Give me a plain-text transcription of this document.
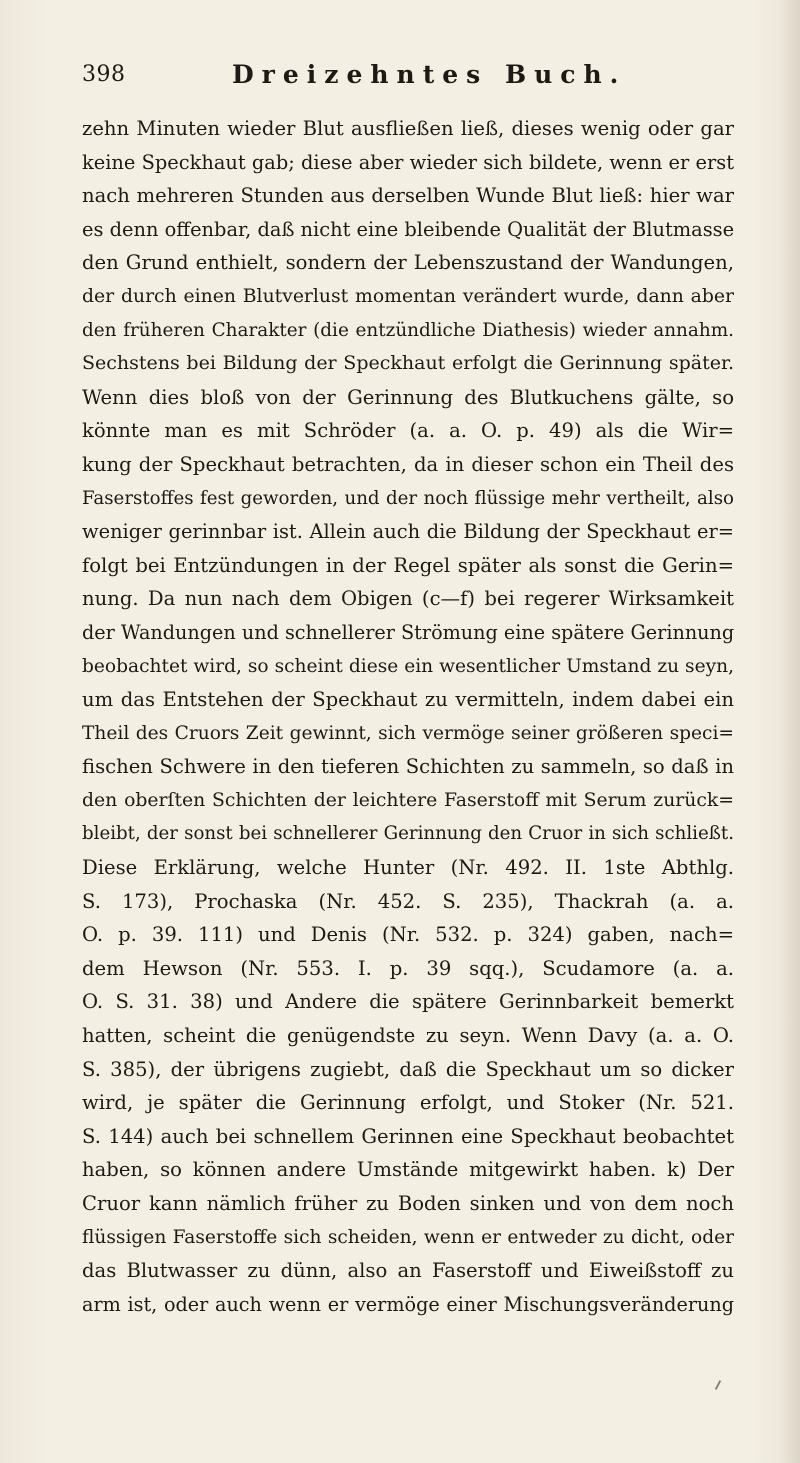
398	Dreizehntes Buch.
zehn Minuten wieder Blut ausfließen ließ, dieses wenig oder gar
keine Speckhaut gab; diese aber wieder sich bildete, wenn er erst
nach mehreren Stunden aus derselben Wunde Blut ließ: hier war
es denn offenbar, daß nicht eine bleibende Qualität der Blutmasse
den Grund enthielt, sondern der Lebenszustand der Wandungen,
der durch einen Blutverlust momentan verändert wurde, dann aber
den früheren Charakter (die entzündliche Diathesis) wieder annahm.
Sechstens bei Bildung der Speckhaut erfolgt die Gerinnung später.
Wenn dies bloß von der Gerinnung des Blutkuchens gälte, so
könnte man es mit Schröder (a. a. O. p. 49) als die Wir=
kung der Speckhaut betrachten, da in dieser schon ein Theil des
Faserstoffes fest geworden, und der noch flüssige mehr vertheilt, also
weniger gerinnbar ist. Allein auch die Bildung der Speckhaut er=
folgt bei Entzündungen in der Regel später als sonst die Gerin=
nung. Da nun nach dem Obigen (c—f) bei regerer Wirksamkeit
der Wandungen und schnellerer Strömung eine spätere Gerinnung
beobachtet wird, so scheint diese ein wesentlicher Umstand zu seyn,
um das Entstehen der Speckhaut zu vermitteln, indem dabei ein
Theil des Cruors Zeit gewinnt, sich vermöge seiner größeren speci=
fischen Schwere in den tieferen Schichten zu sammeln, so daß in
den oberſten Schichten der leichtere Faserstoff mit Serum zurück=
bleibt, der sonst bei schnellerer Gerinnung den Cruor in sich schließt.
Diese Erklärung, welche Hunter (Nr. 492. II. 1ste Abthlg.
S. 173), Prochaska (Nr. 452. S. 235), Thackrah (a. a.
O. p. 39. 111) und Denis (Nr. 532. p. 324) gaben, nach=
dem Hewson (Nr. 553. I. p. 39 sqq.), Scudamore (a. a.
O. S. 31. 38) und Andere die spätere Gerinnbarkeit bemerkt
hatten, scheint die genügendste zu seyn. Wenn Davy (a. a. O.
S. 385), der übrigens zugiebt, daß die Speckhaut um so dicker
wird, je später die Gerinnung erfolgt, und Stoker (Nr. 521.
S. 144) auch bei schnellem Gerinnen eine Speckhaut beobachtet
haben, so können andere Umstände mitgewirkt haben. k) Der
Cruor kann nämlich früher zu Boden sinken und von dem noch
flüssigen Faserstoffe sich scheiden, wenn er entweder zu dicht, oder
das Blutwasser zu dünn, also an Faserstoff und Eiweißstoff zu
arm ist, oder auch wenn er vermöge einer Mischungsveränderung
